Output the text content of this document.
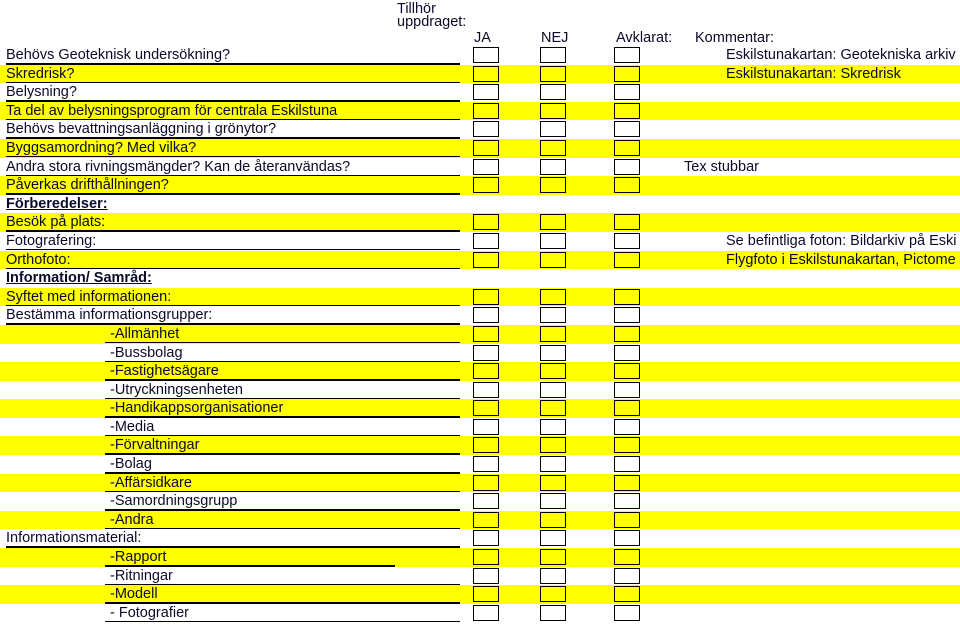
Tillhör
uppdraget:
JA	NEJ	Avklarat: Kommentar:
Behövs Geoteknisk undersökning?	Eskilstunakartan: Geotekniska arkiv
Skredrisk?	Eskilstunakartan: Skredrisk
Belysning?
Ta del av belysningsprogram för centrala Eskilstuna
Behövs bevattningsanläggning i grönytor?
Byggsamordning? Med vilka?
Andra stora rivningsmängder? Kan de återanvändas?	Tex stubbar
Påverkas drifthållningen?
Förberedelser:
Besök på plats:
Fotografering:	Se befintliga foton: Bildarkiv på Eski
Orthofoto:	Flygfoto i Eskilstunakartan, Pictome
Information/ Samråd:
Syftet med informationen:
Bestämma informationsgrupper:
-Allmänhet
-Bussbolag
-Fastighetsägare
-Utryckningsenheten
-Handikappsorganisationer
-Media
-Förvaltningar
-Bolag
-Affärsidkare
-Samordningsgrupp
-Andra
Informationsmaterial:
-Rapport
-Ritningar
-Modell
- Fotografier
